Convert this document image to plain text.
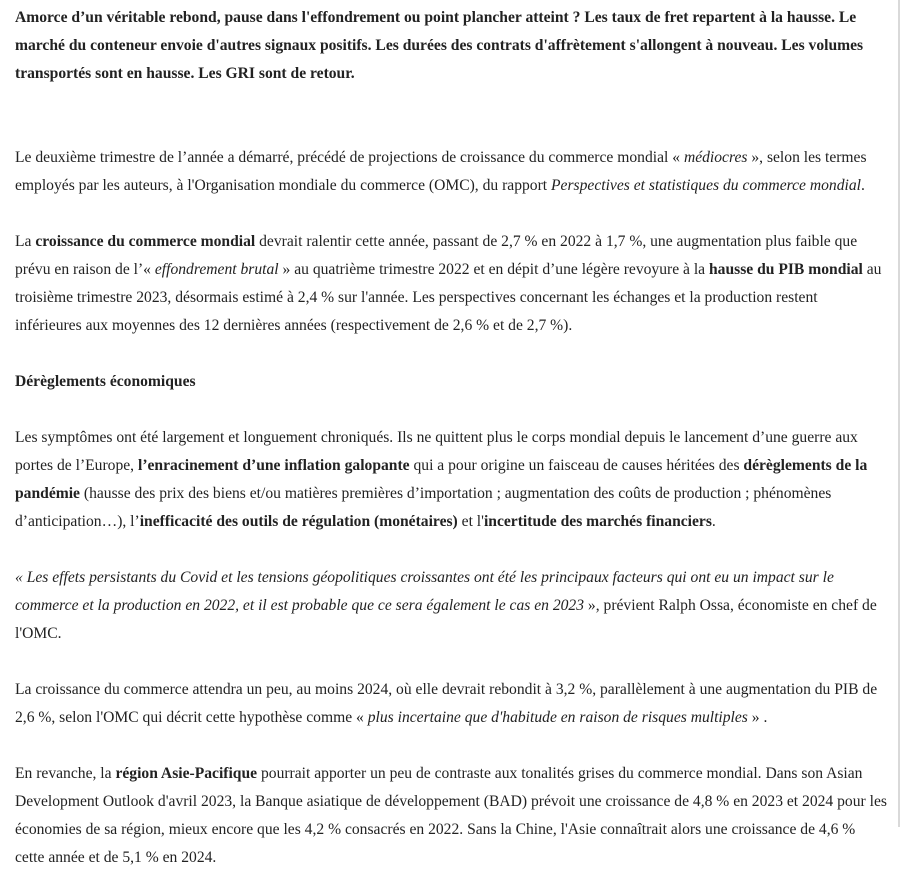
Amorce d’un véritable rebond, pause dans l'effondrement ou point plancher atteint ? Les taux de fret repartent à la hausse. Le marché du conteneur envoie d'autres signaux positifs. Les durées des contrats d'affrètement s'allongent à nouveau. Les volumes transportés sont en hausse. Les GRI sont de retour.

Le deuxième trimestre de l’année a démarré, précédé de projections de croissance du commerce mondial « médiocres », selon les termes employés par les auteurs, à l'Organisation mondiale du commerce (OMC), du rapport Perspectives et statistiques du commerce mondial.

La croissance du commerce mondial devrait ralentir cette année, passant de 2,7 % en 2022 à 1,7 %, une augmentation plus faible que prévu en raison de l’« effondrement brutal » au quatrième trimestre 2022 et en dépit d’une légère revoyure à la hausse du PIB mondial au troisième trimestre 2023, désormais estimé à 2,4 % sur l'année. Les perspectives concernant les échanges et la production restent inférieures aux moyennes des 12 dernières années (respectivement de 2,6 % et de 2,7 %).

Dérèglements économiques

Les symptômes ont été largement et longuement chroniqués. Ils ne quittent plus le corps mondial depuis le lancement d’une guerre aux portes de l’Europe, l’enracinement d’une inflation galopante qui a pour origine un faisceau de causes héritées des dérèglements de la pandémie (hausse des prix des biens et/ou matières premières d’importation ; augmentation des coûts de production ; phénomènes d’anticipation…), l’inefficacité des outils de régulation (monétaires) et l'incertitude des marchés financiers.

« Les effets persistants du Covid et les tensions géopolitiques croissantes ont été les principaux facteurs qui ont eu un impact sur le commerce et la production en 2022, et il est probable que ce sera également le cas en 2023 », prévient Ralph Ossa, économiste en chef de l'OMC.

La croissance du commerce attendra un peu, au moins 2024, où elle devrait rebondit à 3,2 %, parallèlement à une augmentation du PIB de 2,6 %, selon l'OMC qui décrit cette hypothèse comme « plus incertaine que d'habitude en raison de risques multiples » .

En revanche, la région Asie-Pacifique pourrait apporter un peu de contraste aux tonalités grises du commerce mondial. Dans son Asian Development Outlook d'avril 2023, la Banque asiatique de développement (BAD) prévoit une croissance de 4,8 % en 2023 et 2024 pour les économies de sa région, mieux encore que les 4,2 % consacrés en 2022. Sans la Chine, l'Asie connaîtrait alors une croissance de 4,6 % cette année et de 5,1 % en 2024.
